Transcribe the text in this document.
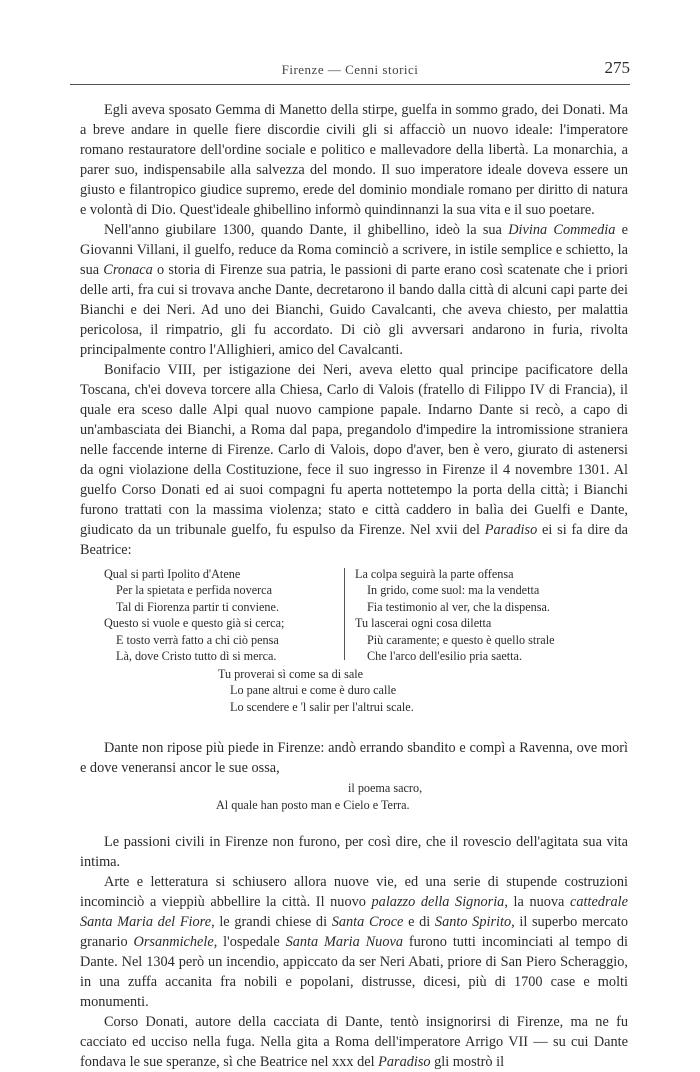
Firenze — Cenni storici	275

Egli aveva sposato Gemma di Manetto della stirpe, guelfa in sommo grado, dei Donati. Ma a breve andare in quelle fiere discordie civili gli si affacciò un nuovo ideale: l'imperatore romano restauratore dell'ordine sociale e politico e mallevadore della libertà. La monarchia, a parer suo, indispensabile alla salvezza del mondo. Il suo imperatore ideale doveva essere un giusto e filantropico giudice supremo, erede del dominio mondiale romano per diritto di natura e volontà di Dio. Quest'ideale ghibellino informò quindinnanzi la sua vita e il suo poetare.

Nell'anno giubilare 1300, quando Dante, il ghibellino, ideò la sua Divina Commedia e Giovanni Villani, il guelfo, reduce da Roma cominciò a scrivere, in istile semplice e schietto, la sua Cronaca o storia di Firenze sua patria, le passioni di parte erano così scatenate che i priori delle arti, fra cui si trovava anche Dante, decretarono il bando dalla città di alcuni capi parte dei Bianchi e dei Neri. Ad uno dei Bianchi, Guido Cavalcanti, che aveva chiesto, per malattia pericolosa, il rimpatrio, gli fu accordato. Di ciò gli avversari andarono in furia, rivolta principalmente contro l'Allighieri, amico del Cavalcanti.

Bonifacio VIII, per istigazione dei Neri, aveva eletto qual principe pacificatore della Toscana, ch'ei doveva torcere alla Chiesa, Carlo di Valois (fratello di Filippo IV di Francia), il quale era sceso dalle Alpi qual nuovo campione papale. Indarno Dante si recò, a capo di un'ambasciata dei Bianchi, a Roma dal papa, pregandolo d'impedire la intromissione straniera nelle faccende interne di Firenze. Carlo di Valois, dopo d'aver, ben è vero, giurato di astenersi da ogni violazione della Costituzione, fece il suo ingresso in Firenze il 4 novembre 1301. Al guelfo Corso Donati ed ai suoi compagni fu aperta nottetempo la porta della città; i Bianchi furono trattati con la massima violenza; stato e città caddero in balìa dei Guelfi e Dante, giudicato da un tribunale guelfo, fu espulso da Firenze. Nel xvii del Paradiso ei si fa dire da Beatrice:

Qual si partì Ipolito d'Atene
Per la spietata e perfida noverca
Tal di Fiorenza partir ti conviene.
Questo si vuole e questo già si cerca;
E tosto verrà fatto a chi ciò pensa
Là, dove Cristo tutto dì si merca.
La colpa seguirà la parte offensa
In grido, come suol: ma la vendetta
Fia testimonio al ver, che la dispensa.
Tu lascerai ogni cosa diletta
Più caramente; e questo è quello strale
Che l'arco dell'esilio pria saetta.
Tu proverai sì come sa di sale
Lo pane altrui e come è duro calle
Lo scendere e 'l salir per l'altrui scale.

Dante non ripose più piede in Firenze: andò errando sbandito e compì a Ravenna, ove morì e dove veneransi ancor le sue ossa,

il poema sacro,
Al quale han posto man e Cielo e Terra.

Le passioni civili in Firenze non furono, per così dire, che il rovescio dell'agitata sua vita intima.

Arte e letteratura si schiusero allora nuove vie, ed una serie di stupende costruzioni incominciò a vieppiù abbellire la città. Il nuovo palazzo della Signoria, la nuova cattedrale Santa Maria del Fiore, le grandi chiese di Santa Croce e di Santo Spirito, il superbo mercato granario Orsanmichele, l'ospedale Santa Maria Nuova furono tutti incominciati al tempo di Dante. Nel 1304 però un incendio, appiccato da ser Neri Abati, priore di San Piero Scheraggio, in una zuffa accanita fra nobili e popolani, distrusse, dicesi, più di 1700 case e molti monumenti.

Corso Donati, autore della cacciata di Dante, tentò insignorirsi di Firenze, ma ne fu cacciato ed ucciso nella fuga. Nella gita a Roma dell'imperatore Arrigo VII — su cui Dante fondava le sue speranze, sì che Beatrice nel xxx del Paradiso gli mostrò il
